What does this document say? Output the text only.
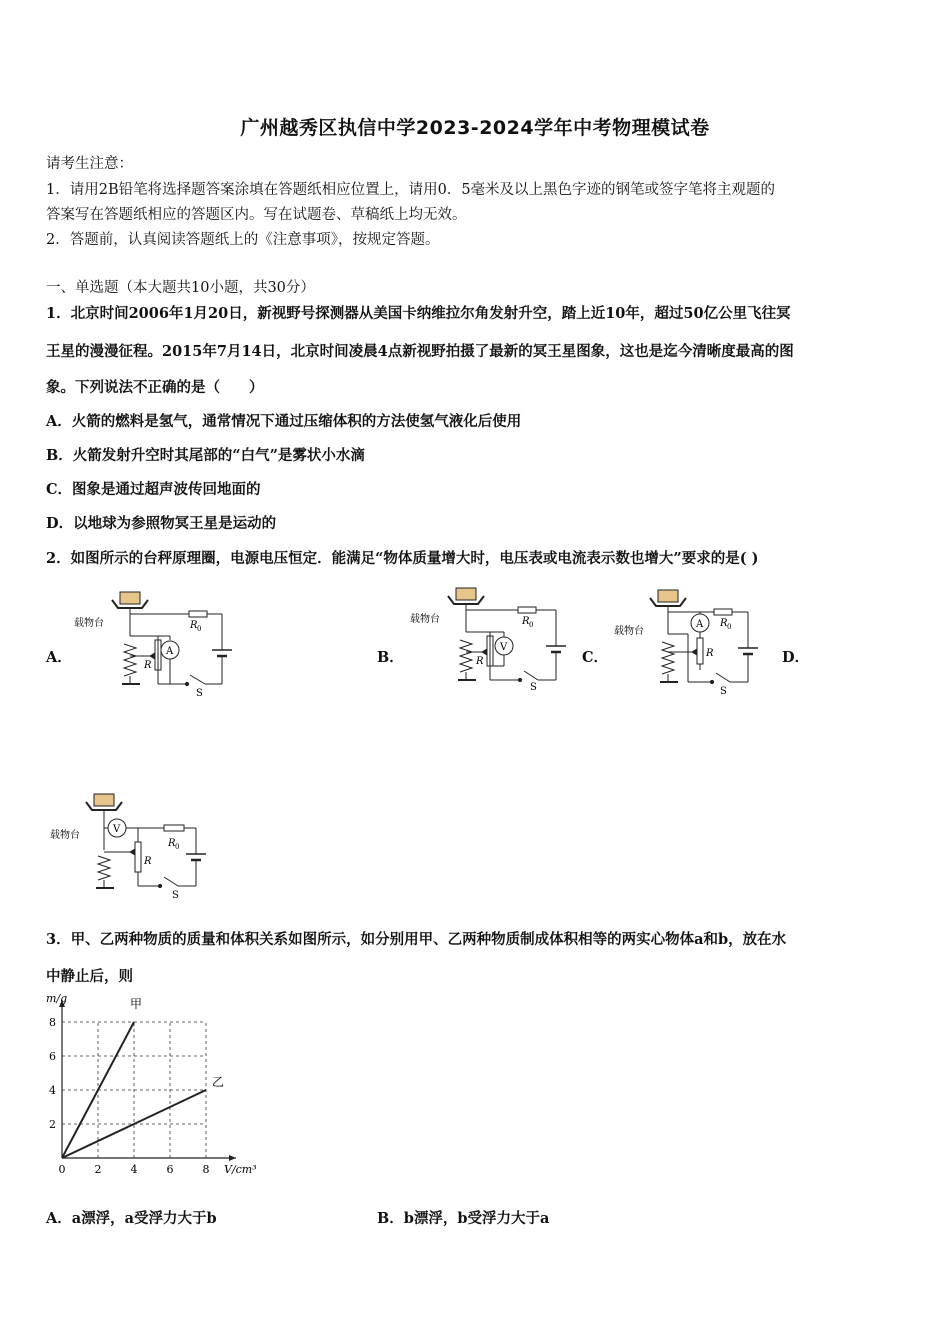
广州越秀区执信中学2023-2024学年中考物理模试卷
请考生注意：
1．请用2B铅笔将选择题答案涂填在答题纸相应位置上，请用0．5毫米及以上黑色字迹的钢笔或签字笔将主观题的
答案写在答题纸相应的答题区内。写在试题卷、草稿纸上均无效。
2．答题前，认真阅读答题纸上的《注意事项》，按规定答题。
一、单选题（本大题共10小题，共30分）
1．北京时间2006年1月20日，新视野号探测器从美国卡纳维拉尔角发射升空，踏上近10年，超过50亿公里飞往冥
王星的漫漫征程。2015年7月14日，北京时间凌晨4点新视野拍摄了最新的冥王星图象，这也是迄今清晰度最高的图
象。下列说法不正确的是（　　）
A．火箭的燃料是氢气，通常情况下通过压缩体积的方法使氢气液化后使用
B．火箭发射升空时其尾部的“白气”是雾状小水滴
C．图象是通过超声波传回地面的
D．以地球为参照物冥王星是运动的
2．如图所示的台秤原理圈，电源电压恒定．能满足“物体质量增大时，电压表或电流表示数也增大”要求的是( )
A．	B．	C．	D．
载物台	R 0
R
A
S
载物台	R 0
R
V
S
载物台
R 0
R
A
S
载物台
R 0
R
V
S
3．甲、乙两种物质的质量和体积关系如图所示，如分别用甲、乙两种物质制成体积相等的两实心物体a和b，放在水
中静止后，则
0	2	4	6	8
2
4
6
8
甲
乙
m/g
V/cm³
A．a漂浮，a受浮力大于b	B．b漂浮，b受浮力大于a
